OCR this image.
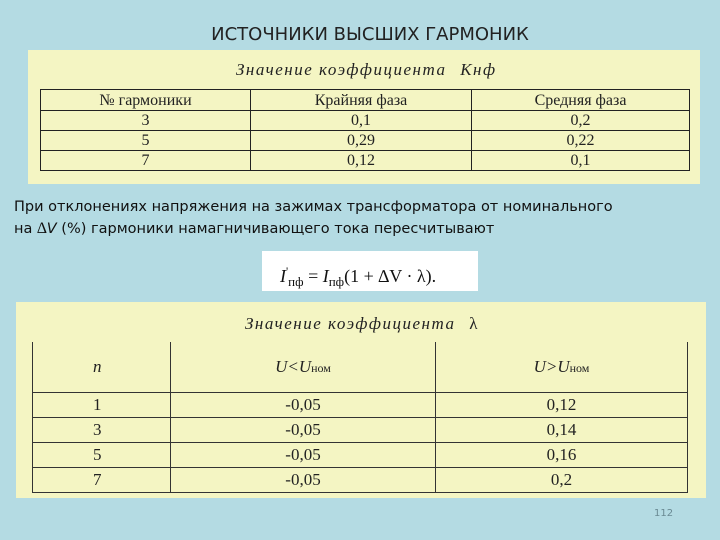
ИСТОЧНИКИ ВЫСШИХ ГАРМОНИК
Значение коэффициента Kнф
№ гармоники	Крайняя фаза	Средняя фаза
3	0,1	0,2
5	0,29	0,22
7	0,12	0,1
При отклонениях напряжения на зажимах трансформатора от номинального
на ∆V (%) гармоники намагничивающего тока пересчитывают
$I'_{пф} = I_{пф}(1 + \Delta V \cdot \lambda)$.
Значение коэффициента λ
n	U<Uном	U>Uном
1	-0,05	0,12
3	-0,05	0,14
5	-0,05	0,16
7	-0,05	0,2
112
